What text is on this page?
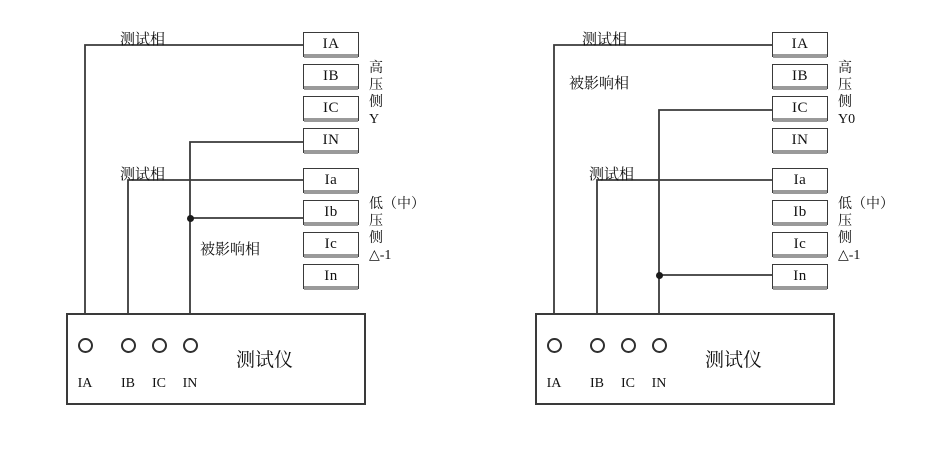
IA
IB
IC
IN
高
压
侧
Y
Ia
Ib
Ic
In
低（中）
压
侧
△-1
测试相
测试相
被影响相
测试仪
IA	IB	IC	IN
IA
IB
IC
IN
高
压
侧
Y0
Ia
Ib
Ic
In
低（中）
压
侧
△-1
测试相
被影响相
测试相
测试仪
IA	IB	IC	IN
